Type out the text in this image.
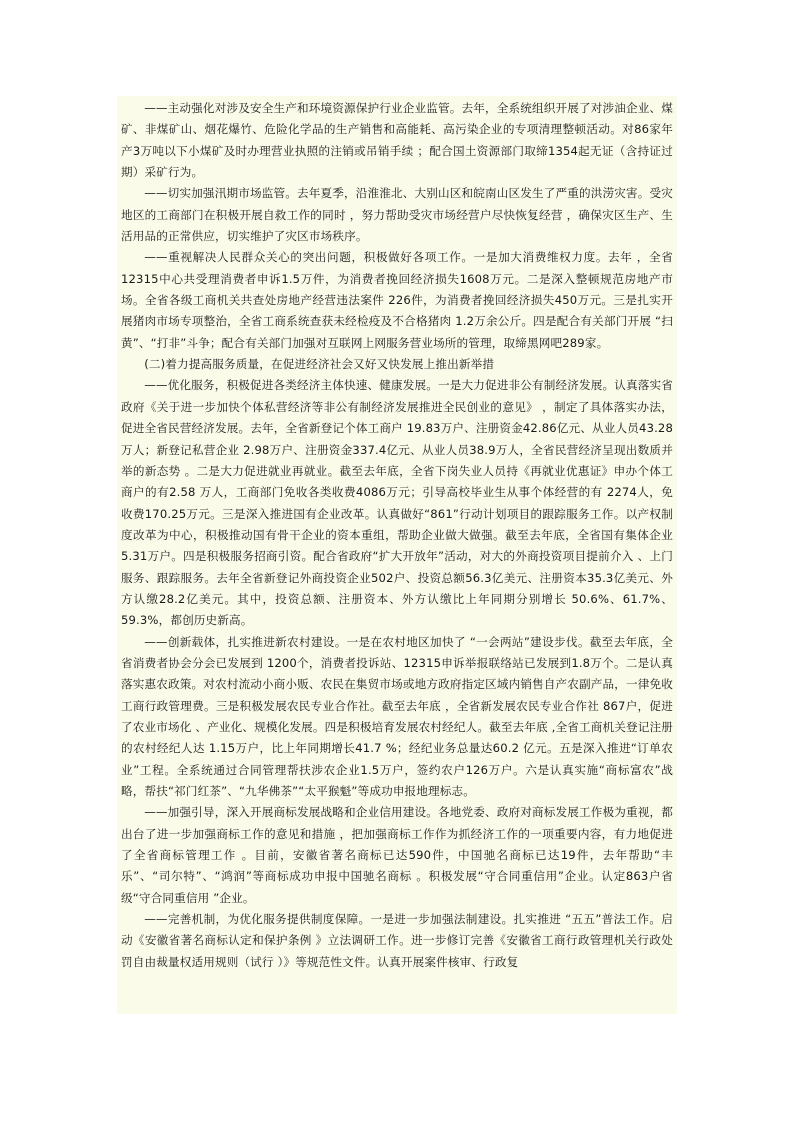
——主动强化对涉及安全生产和环境资源保护行业企业监管。去年，全系统组织开展了对涉油企业、煤矿、非煤矿山、烟花爆竹、危险化学品的生产销售和高能耗、高污染企业的专项清理整顿活动。对86家年产3万吨以下小煤矿及时办理营业执照的注销或吊销手续 ；配合国土资源部门取缔1354起无证（含持证过期）采矿行为。

——切实加强汛期市场监管。去年夏季，沿淮淮北、大别山区和皖南山区发生了严重的洪涝灾害。受灾地区的工商部门在积极开展自救工作的同时 ，努力帮助受灾市场经营户尽快恢复经营 ，确保灾区生产、生活用品的正常供应，切实维护了灾区市场秩序。

——重视解决人民群众关心的突出问题，积极做好各项工作。一是加大消费维权力度。去年 ，全省12315中心共受理消费者申诉1.5万件，为消费者挽回经济损失1608万元。二是深入整顿规范房地产市场。全省各级工商机关共查处房地产经营违法案件 226件，为消费者挽回经济损失450万元。三是扎实开展猪肉市场专项整治，全省工商系统查获未经检疫及不合格猪肉 1.2万余公斤。四是配合有关部门开展 “扫黄”、“打非”斗争；配合有关部门加强对互联网上网服务营业场所的管理，取缔黑网吧289家。

(二)着力提高服务质量，在促进经济社会又好又快发展上推出新举措

——优化服务，积极促进各类经济主体快速、健康发展。一是大力促进非公有制经济发展。认真落实省政府《关于进一步加快个体私营经济等非公有制经济发展推进全民创业的意见》 ，制定了具体落实办法，促进全省民营经济发展。去年，全省新登记个体工商户 19.83万户、注册资金42.86亿元、从业人员43.28万人；新登记私营企业 2.98万户、注册资金337.4亿元、从业人员38.9万人，全省民营经济呈现出数质并举的新态势 。二是大力促进就业再就业。截至去年底，全省下岗失业人员持《再就业优惠证》申办个体工商户的有2.58 万人，工商部门免收各类收费4086万元；引导高校毕业生从事个体经营的有 2274人，免收费170.25万元。三是深入推进国有企业改革。认真做好“861”行动计划项目的跟踪服务工作。以产权制度改革为中心，积极推动国有骨干企业的资本重组，帮助企业做大做强。截至去年底，全省国有集体企业5.31万户。四是积极服务招商引资。配合省政府“扩大开放年”活动，对大的外商投资项目提前介入 、上门服务、跟踪服务。去年全省新登记外商投资企业502户、投资总额56.3亿美元、注册资本35.3亿美元、外方认缴28.2亿美元。其中，投资总额、注册资本、外方认缴比上年同期分别增长 50.6%、61.7%、59.3%，都创历史新高。

——创新载体，扎实推进新农村建设。一是在农村地区加快了 “一会两站”建设步伐。截至去年底，全省消费者协会分会已发展到 1200个，消费者投诉站、12315申诉举报联络站已发展到1.8万个。二是认真落实惠农政策。对农村流动小商小贩、农民在集贸市场或地方政府指定区域内销售自产农副产品，一律免收工商行政管理费。三是积极发展农民专业合作社。截至去年底 ，全省新发展农民专业合作社 867户，促进了农业市场化 、产业化、规模化发展。四是积极培育发展农村经纪人。截至去年底 ,全省工商机关登记注册的农村经纪人达 1.15万户，比上年同期增长41.7 %；经纪业务总量达60.2 亿元。五是深入推进“订单农业”工程。全系统通过合同管理帮扶涉农企业1.5万户，签约农户126万户。六是认真实施“商标富农”战略，帮扶“祁门红茶”、“九华佛茶”“太平猴魁”等成功申报地理标志。

——加强引导，深入开展商标发展战略和企业信用建设。各地党委、政府对商标发展工作极为重视，都出台了进一步加强商标工作的意见和措施 ，把加强商标工作作为抓经济工作的一项重要内容，有力地促进了全省商标管理工作 。目前，安徽省著名商标已达590件，中国驰名商标已达19件，去年帮助“丰乐”、“司尔特”、“鸿润”等商标成功申报中国驰名商标 。积极发展“守合同重信用”企业。认定863户省级“守合同重信用 ”企业。

——完善机制，为优化服务提供制度保障。一是进一步加强法制建设。扎实推进 “五五”普法工作。启动《安徽省著名商标认定和保护条例 》立法调研工作。进一步修订完善《安徽省工商行政管理机关行政处罚自由裁量权适用规则（试行 ）》等规范性文件。认真开展案件核审、行政复
